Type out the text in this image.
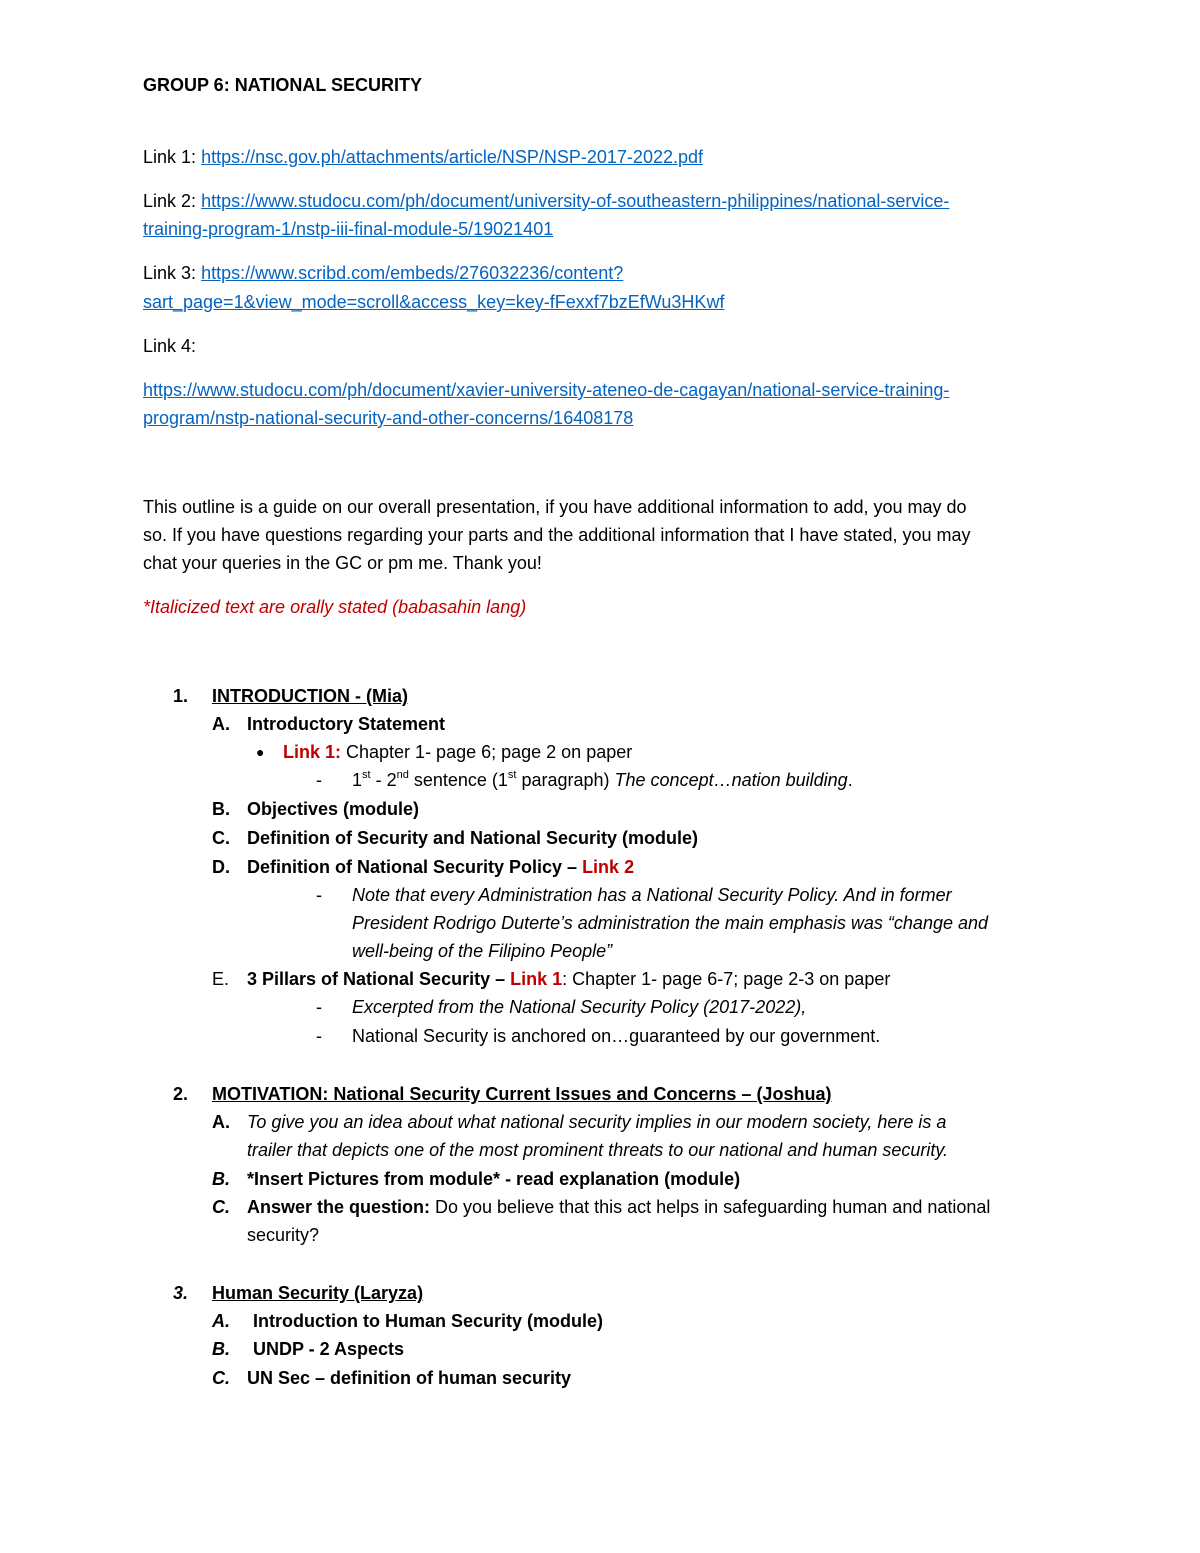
GROUP 6: NATIONAL SECURITY
Link 1: https://nsc.gov.ph/attachments/article/NSP/NSP-2017-2022.pdf
Link 2: https://www.studocu.com/ph/document/university-of-southeastern-philippines/national-service-
training-program-1/nstp-iii-final-module-5/19021401
Link 3: https://www.scribd.com/embeds/276032236/content?
sart_page=1&view_mode=scroll&access_key=key-fFexxf7bzEfWu3HKwf
Link 4:
https://www.studocu.com/ph/document/xavier-university-ateneo-de-cagayan/national-service-training-
program/nstp-national-security-and-other-concerns/16408178
This outline is a guide on our overall presentation, if you have additional information to add, you may do
so. If you have questions regarding your parts and the additional information that I have stated, you may
chat your queries in the GC or pm me. Thank you!
*Italicized text are orally stated (babasahin lang)
1. INTRODUCTION - (Mia)
A. Introductory Statement
● Link 1: Chapter 1- page 6; page 2 on paper
- 1st - 2nd sentence (1st paragraph) The concept…nation building.
B. Objectives (module)
C. Definition of Security and National Security (module)
D. Definition of National Security Policy – Link 2
- Note that every Administration has a National Security Policy. And in former
President Rodrigo Duterte’s administration the main emphasis was “change and
well-being of the Filipino People”
E. 3 Pillars of National Security – Link 1: Chapter 1- page 6-7; page 2-3 on paper
- Excerpted from the National Security Policy (2017-2022),
- National Security is anchored on…guaranteed by our government.
2. MOTIVATION: National Security Current Issues and Concerns – (Joshua)
A. To give you an idea about what national security implies in our modern society, here is a
trailer that depicts one of the most prominent threats to our national and human security.
B. *Insert Pictures from module* - read explanation (module)
C. Answer the question: Do you believe that this act helps in safeguarding human and national
security?
3. Human Security (Laryza)
A. Introduction to Human Security (module)
B. UNDP - 2 Aspects
C. UN Sec – definition of human security
